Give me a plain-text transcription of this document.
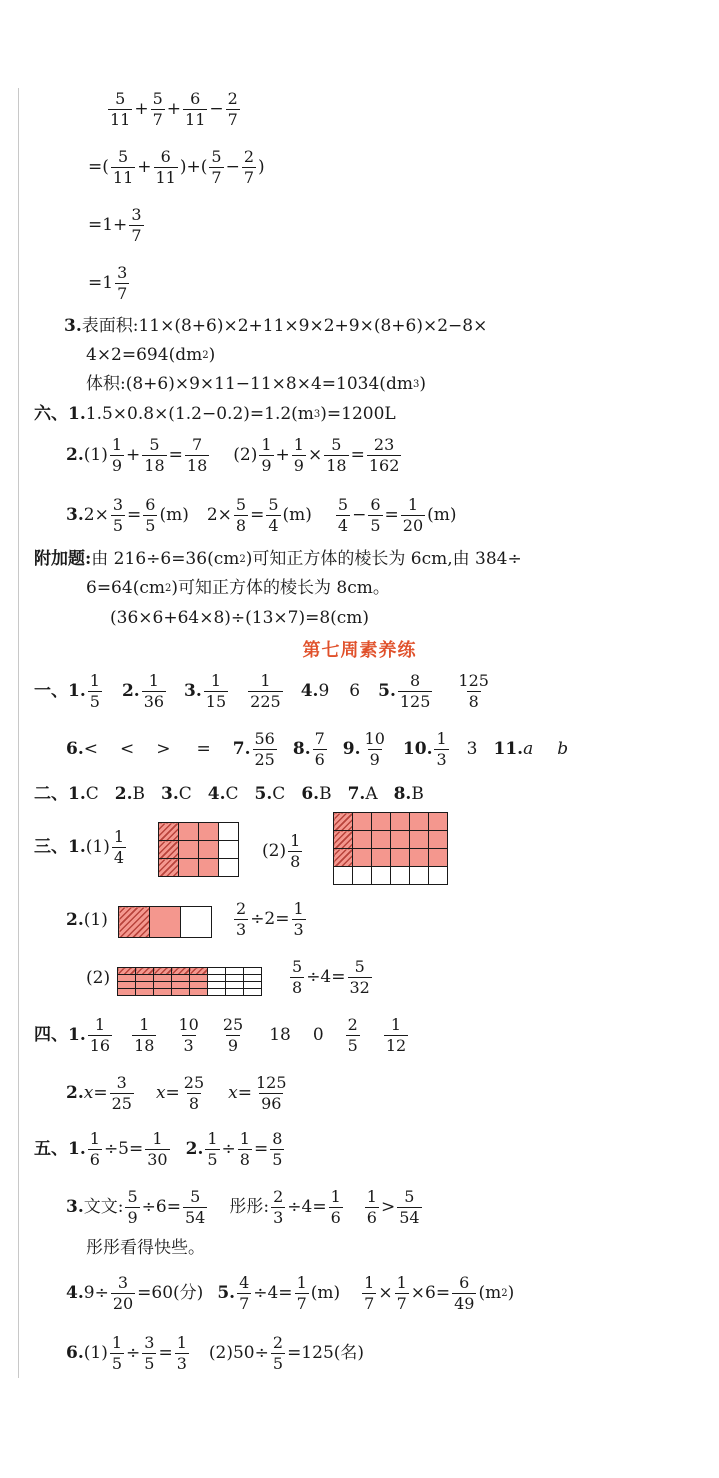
5
11
+ $\frac{5}{7} + \frac{6}{11} - \frac{2}{7}$
=(
5
11
+ $\frac{6}{11}$ )+(
5
7
− $\frac{2}{7}$ )
$=1+ \frac{3}{7}$
=1
3
7
3. 表面积:11×(8+6)×2+11×9×2+9×(8+6)×2−8×
4×2=694(dm 2 )
体积:(8+6)×9×11−11×8×4=1034(dm 3 )
六、1. 1.5×0.8×(1.2−0.2)=1.2(m 3 )=1200L
2. (1)
1
9
+ $\frac{5}{18} = \frac{7}{18} (2)$
1
9
+ $\frac{1}{9} \times \frac{5}{18} = \frac{23}{162}$
3. $2\times \frac{3}{5} = \frac{6}{5} (m)$ $2\times \frac{5}{8} = \frac{5}{4} (m)$
5
4
− $\frac{6}{5} = \frac{1}{20} (m)$
附加题: 由 216÷6=36(cm 2 )可知正方体的棱长为 6cm,由 384÷
6=64(cm 2 )可知正方体的棱长为 8cm。
(36×6+64×8)÷(13×7)=8(cm)
第七周素养练
一、1.
1
5
2.
1
36
3.
1
15
1
225
4. 9 6 5.
8
125
125
8
6. < < > = 7.
56
25
8.
7
6
9.
10
9
10.
1
3
3 11. a b
二、1. C 2. B 3. C 4. C 5. C 6. B 7. A 8. B
三、1. (1)
1
4

				(2)
1
8

2. (1)
			$\frac{2}{3} \div 2= \frac{1}{3}$
(2)

								$\frac{5}{8} \div 4= \frac{5}{32}$
四、1.
1
16
1
18
10
3
25
9
18 0
2
5
1
12
2. $x = \frac{3}{25}$ $x = \frac{25}{8}$ $x = \frac{125}{96}$
五、1. $\frac{1}{6} \div 5= \frac{1}{30} 2$. $\frac{1}{5} \div \frac{1}{8} = \frac{8}{5}$
3. 文文: $\frac{5}{9} \div 6= \frac{5}{54}$ 彤彤: $\frac{2}{3} \div 4= \frac{1}{6} 1$
6
>
5
54
彤彤看得快些。
4. $9\div \frac{3}{20} =60$(分) 5. $\frac{4}{7} \div 4= \frac{1}{7} (m) \frac{1}{7} \times \frac{1}{7} \times 6= \frac{6}{49} (m$ 2 )
6. $(1) \frac{1}{5} \div \frac{3}{5} = \frac{1}{3} (2)50\div \frac{2}{5} =125$(名)
